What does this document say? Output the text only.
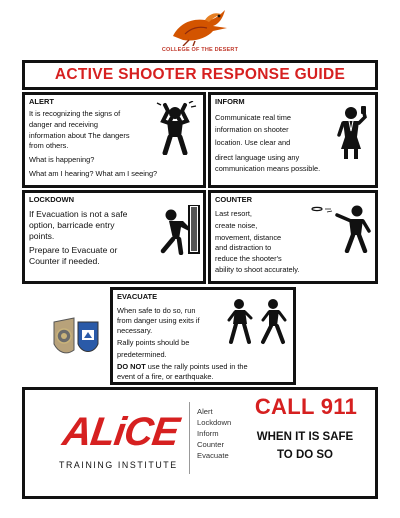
COLLEGE OF THE DESERT
ACTIVE SHOOTER RESPONSE GUIDE
ALERT

It is recognizing the signs of

danger and receiving

information about The dangers

from others.

What is happening?

What am I hearing? What am I seeing?

INFORM

Communicate real time

information on shooter

location. Use clear and

direct language using any

communication means possible.

LOCKDOWN

If Evacuation is not a safe

option, barricade entry

points.

Prepare to Evacuate or

Counter if needed.

COUNTER

Last resort,

create noise,

movement, distance

and distraction to

reduce the shooter's

ability to shoot accurately.

EVACUATE

When safe to do so, run

from danger using exits if

necessary.

Rally points should be

predetermined.

DO NOT use the rally points used in the

event of a fire, or earthquake.

ALiCE
TRAINING INSTITUTE
Alert
Lockdown
Inform
Counter
Evacuate
CALL 911
WHEN IT IS SAFE
TO DO SO
